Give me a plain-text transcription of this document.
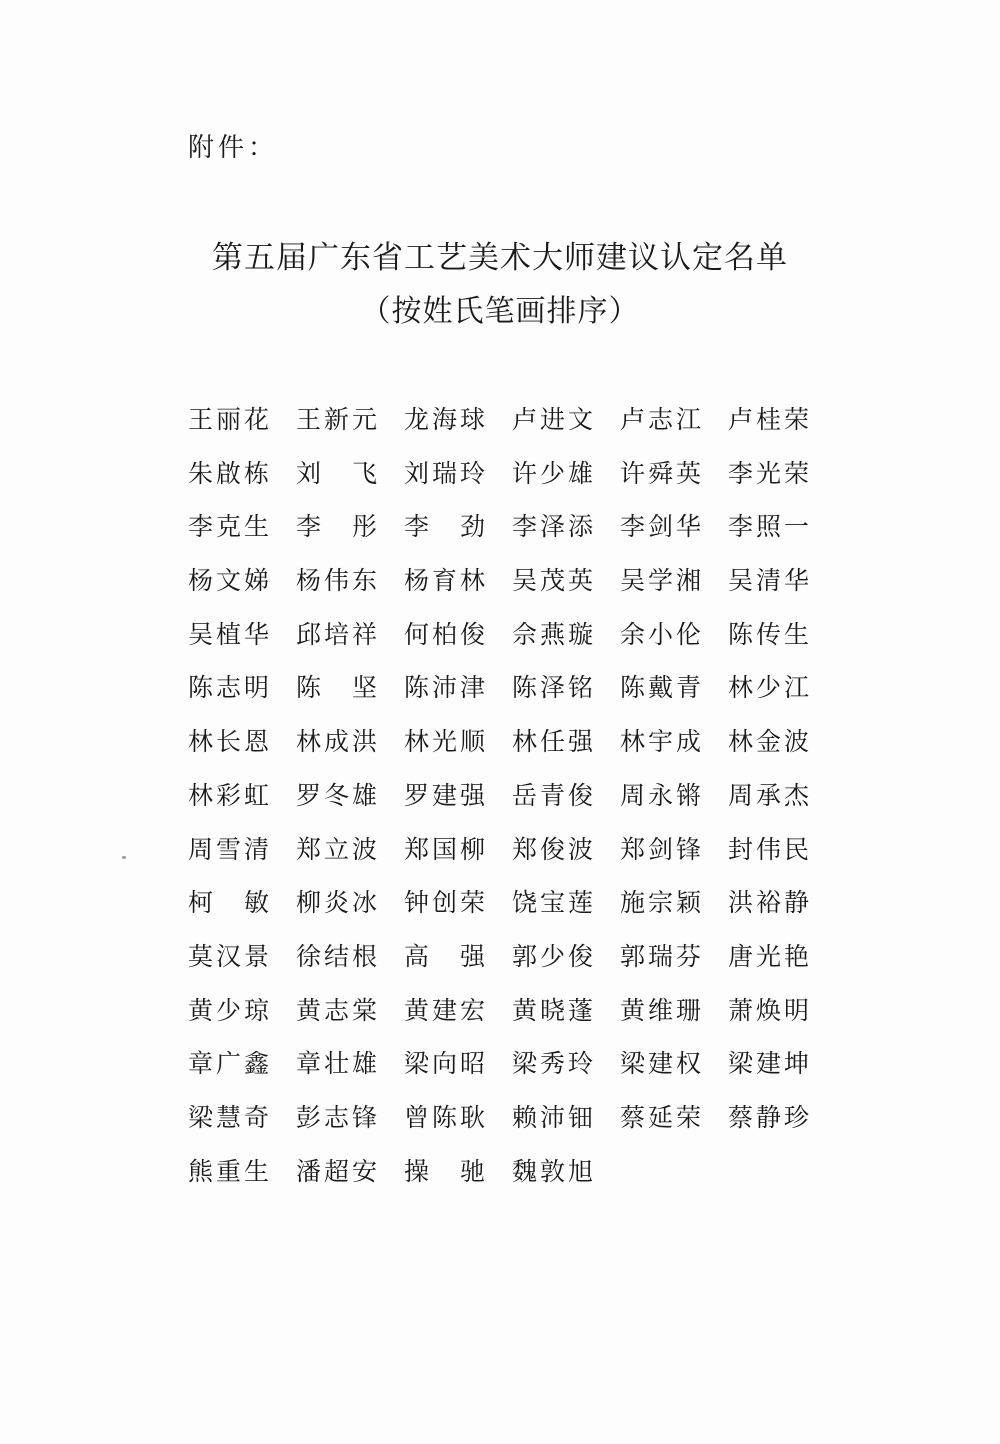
附件：
第五届广东省工艺美术大师建议认定名单
（按姓氏笔画排序）
王丽花 王新元 龙海球 卢进文 卢志江 卢桂荣
朱啟栋 刘　飞 刘瑞玲 许少雄 许舜英 李光荣
李克生 李　彤 李　劲 李泽添 李剑华 李照一
杨文娣 杨伟东 杨育林 吴茂英 吴学湘 吴清华
吴植华 邱培祥 何柏俊 佘燕璇 余小伦 陈传生
陈志明 陈　坚 陈沛津 陈泽铭 陈戴青 林少江
林长恩 林成洪 林光顺 林任强 林宇成 林金波
林彩虹 罗冬雄 罗建强 岳青俊 周永锵 周承杰
周雪清 郑立波 郑国柳 郑俊波 郑剑锋 封伟民
柯　敏 柳炎冰 钟创荣 饶宝莲 施宗颖 洪裕静
莫汉景 徐结根 高　强 郭少俊 郭瑞芬 唐光艳
黄少琼 黄志棠 黄建宏 黄晓蓬 黄维珊 萧焕明
章广鑫 章壮雄 梁向昭 梁秀玲 梁建权 梁建坤
梁慧奇 彭志锋 曾陈耿 赖沛钿 蔡延荣 蔡静珍
熊重生 潘超安 操　驰 魏敦旭
